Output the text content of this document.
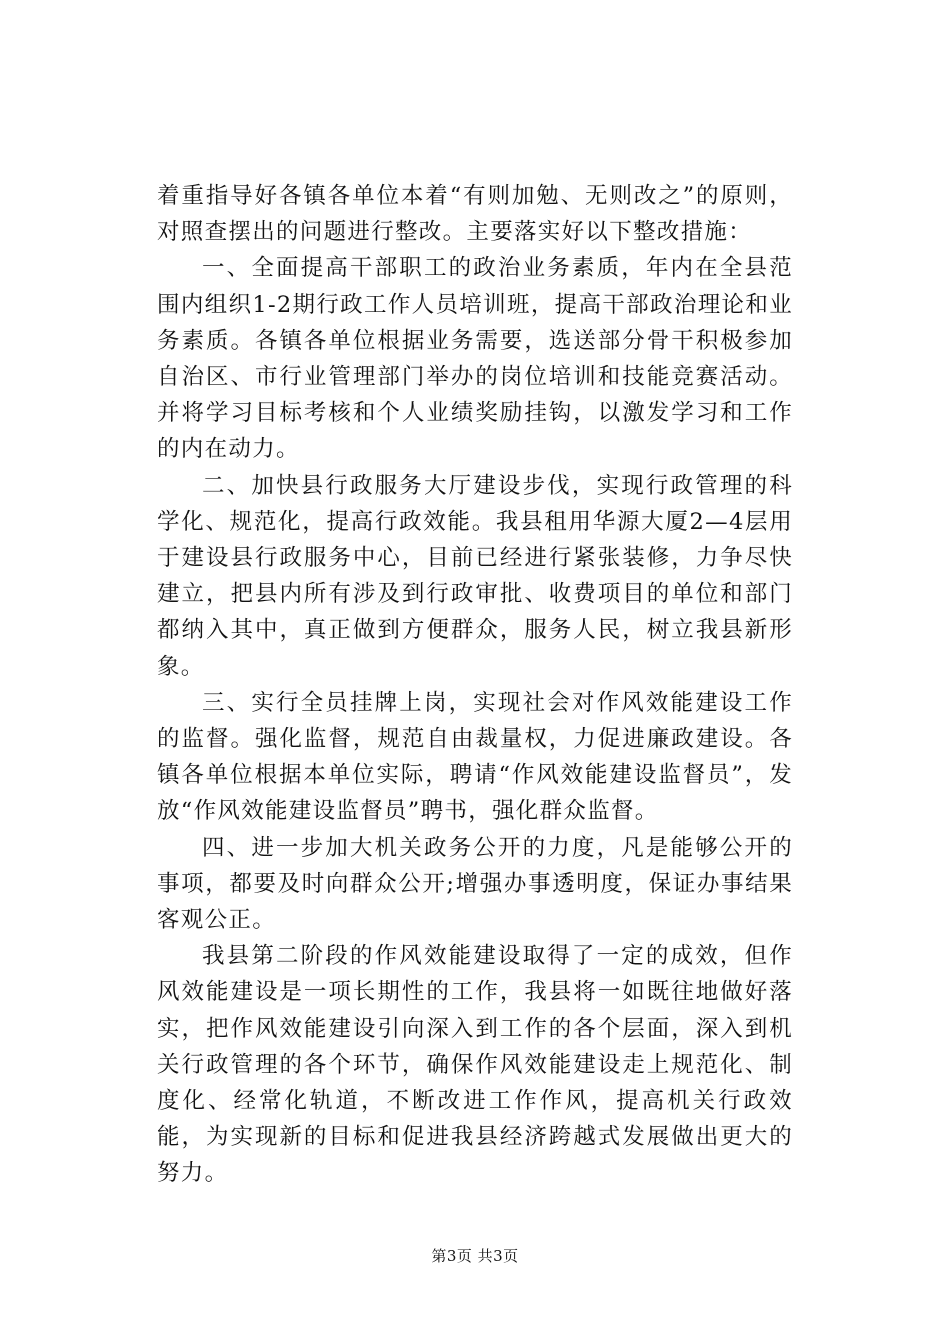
着重指导好各镇各单位本着“有则加勉、无则改之”的原则，对照查摆出的问题进行整改。主要落实好以下整改措施：

一、全面提高干部职工的政治业务素质，年内在全县范围内组织1-2期行政工作人员培训班，提高干部政治理论和业务素质。各镇各单位根据业务需要，选送部分骨干积极参加自治区、市行业管理部门举办的岗位培训和技能竞赛活动。并将学习目标考核和个人业绩奖励挂钩，以激发学习和工作的内在动力。

二、加快县行政服务大厅建设步伐，实现行政管理的科学化、规范化，提高行政效能。我县租用华源大厦2—4层用于建设县行政服务中心，目前已经进行紧张装修，力争尽快建立，把县内所有涉及到行政审批、收费项目的单位和部门都纳入其中，真正做到方便群众，服务人民，树立我县新形象。

三、实行全员挂牌上岗，实现社会对作风效能建设工作的监督。强化监督，规范自由裁量权，力促进廉政建设。各镇各单位根据本单位实际，聘请“作风效能建设监督员”，发放“作风效能建设监督员”聘书，强化群众监督。

四、进一步加大机关政务公开的力度，凡是能够公开的事项，都要及时向群众公开;增强办事透明度，保证办事结果客观公正。

我县第二阶段的作风效能建设取得了一定的成效，但作风效能建设是一项长期性的工作，我县将一如既往地做好落实，把作风效能建设引向深入到工作的各个层面，深入到机关行政管理的各个环节，确保作风效能建设走上规范化、制度化、经常化轨道，不断改进工作作风，提高机关行政效能，为实现新的目标和促进我县经济跨越式发展做出更大的努力。

第3页 共3页
